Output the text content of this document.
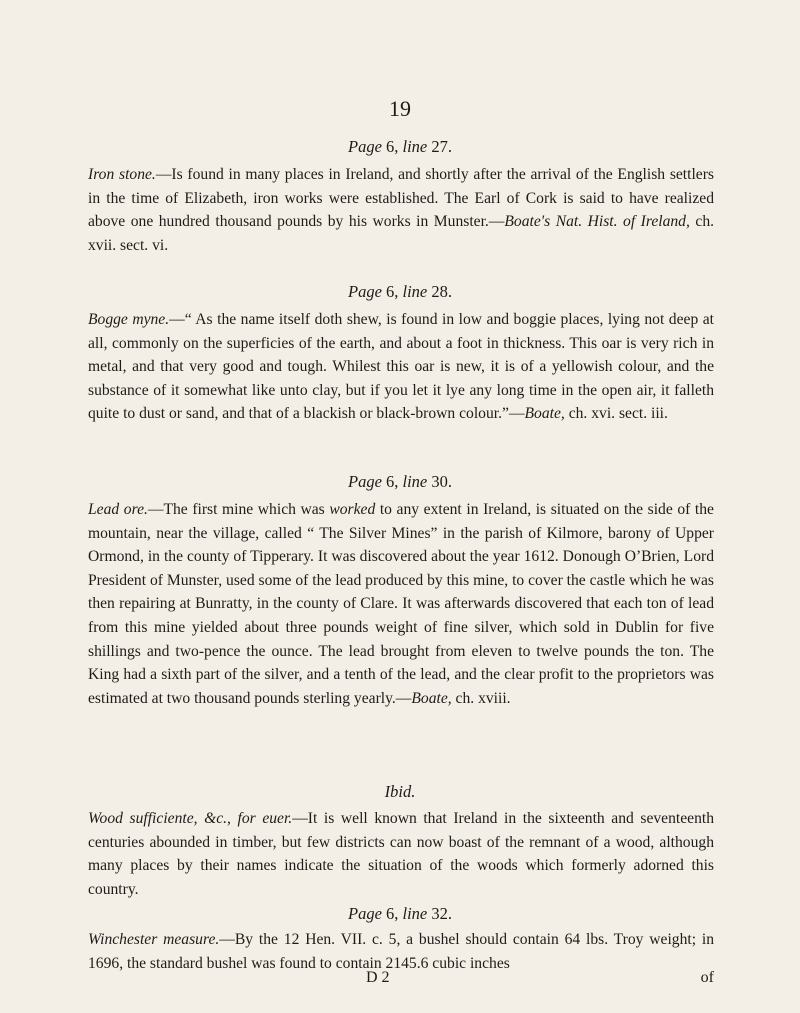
19
Page 6, line 27.

Iron stone.—Is found in many places in Ireland, and shortly after the arrival of the English settlers in the time of Elizabeth, iron works were established. The Earl of Cork is said to have realized above one hundred thousand pounds by his works in Munster.—Boate's Nat. Hist. of Ireland, ch. xvii. sect. vi.

Page 6, line 28.

Bogge myne.—“ As the name itself doth shew, is found in low and boggie places, lying not deep at all, commonly on the superficies of the earth, and about a foot in thickness. This oar is very rich in metal, and that very good and tough. Whilest this oar is new, it is of a yellowish colour, and the substance of it somewhat like unto clay, but if you let it lye any long time in the open air, it falleth quite to dust or sand, and that of a blackish or black-brown colour.”—Boate, ch. xvi. sect. iii.

Page 6, line 30.

Lead ore.—The first mine which was worked to any extent in Ireland, is situated on the side of the mountain, near the village, called “ The Silver Mines” in the parish of Kilmore, barony of Upper Ormond, in the county of Tipperary. It was discovered about the year 1612. Donough O’Brien, Lord President of Munster, used some of the lead produced by this mine, to cover the castle which he was then repairing at Bunratty, in the county of Clare. It was afterwards discovered that each ton of lead from this mine yielded about three pounds weight of fine silver, which sold in Dublin for five shillings and two-pence the ounce. The lead brought from eleven to twelve pounds the ton. The King had a sixth part of the silver, and a tenth of the lead, and the clear profit to the proprietors was estimated at two thousand pounds sterling yearly.—Boate, ch. xviii.

Ibid.

Wood sufficiente, &c., for euer.—It is well known that Ireland in the sixteenth and seventeenth centuries abounded in timber, but few districts can now boast of the remnant of a wood, although many places by their names indicate the situation of the woods which formerly adorned this country.

Page 6, line 32.

Winchester measure.—By the 12 Hen. VII. c. 5, a bushel should contain 64 lbs. Troy weight; in 1696, the standard bushel was found to contain 2145.6 cubic inches

D 2	of
